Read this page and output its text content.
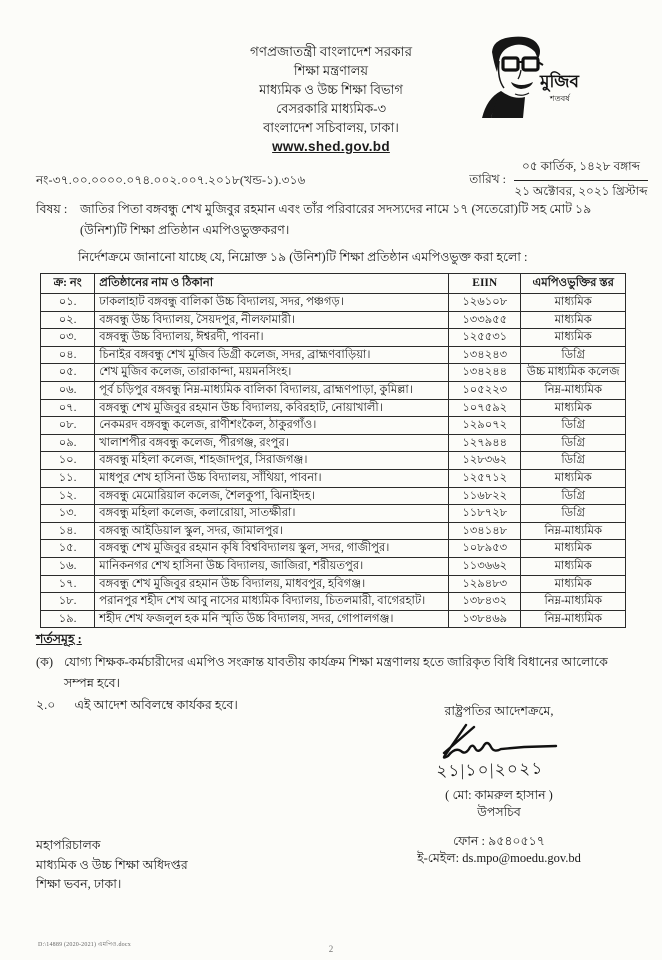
গণপ্রজাতন্ত্রী বাংলাদেশ সরকার
শিক্ষা মন্ত্রণালয়
মাধ্যমিক ও উচ্চ শিক্ষা বিভাগ
বেসরকারি মাধ্যমিক-৩
বাংলাদেশ সচিবালয়, ঢাকা।
www.shed.gov.bd
মুজিব
শতবর্ষ
নং-৩৭.০০.০০০০.০৭৪.০০২.০০৭.২০১৮(খন্ড-১).৩১৬	তারিখ :
০৫ কার্তিক, ১৪২৮ বঙ্গাব্দ
২১ অক্টোবর, ২০২১ খ্রিস্টাব্দ
বিষয় :	জাতির পিতা বঙ্গবন্ধু শেখ মুজিবুর রহমান এবং তাঁর পরিবারের সদস্যদের নামে ১৭ (সতেরো)টি সহ মোট ১৯ (উনিশ)টি শিক্ষা প্রতিষ্ঠান এমপিওভুক্তকরণ।
নির্দেশক্রমে জানানো যাচ্ছে যে, নিম্নোক্ত ১৯ (উনিশ)টি শিক্ষা প্রতিষ্ঠান এমপিওভুক্ত করা হলো :
ক্র: নং	প্রতিষ্ঠানের নাম ও ঠিকানা	EIIN	এমপিওভুক্তির স্তর
০১.	ঢাকলাহাট বঙ্গবন্ধু বালিকা উচ্চ বিদ্যালয়, সদর, পঞ্চগড়।	১২৬১০৮	মাধ্যমিক
০২.	বঙ্গবন্ধু উচ্চ বিদ্যালয়, সৈয়দপুর, নীলফামারী।	১৩৩৯৫৫	মাধ্যমিক
০৩.	বঙ্গবন্ধু উচ্চ বিদ্যালয়, ঈশ্বরদী, পাবনা।	১২৫৫৩১	মাধ্যমিক
০৪.	চিনাইর বঙ্গবন্ধু শেখ মুজিব ডিগ্রী কলেজ, সদর, ব্রাহ্মণবাড়িয়া।	১৩৪২৪৩	ডিগ্রি
০৫.	শেখ মুজিব কলেজ, তারাকান্দা, ময়মনসিংহ।	১৩৪২৪৪	উচ্চ মাধ্যমিক কলেজ
০৬.	পূর্ব চড়িপুর বঙ্গবন্ধু নিম্ন-মাধ্যমিক বালিকা বিদ্যালয়, ব্রাহ্মণপাড়া, কুমিল্লা।	১০৫২২৩	নিম্ন-মাধ্যমিক
০৭.	বঙ্গবন্ধু শেখ মুজিবুর রহমান উচ্চ বিদ্যালয়, কবিরহাট, নোয়াখালী।	১০৭৫৯২	মাধ্যমিক
০৮.	নেকমরদ বঙ্গবন্ধু কলেজ, রাণীশংকৈল, ঠাকুরগাঁও।	১২৯০৭২	ডিগ্রি
০৯.	খালাশপীর বঙ্গবন্ধু কলেজ, পীরগঞ্জ, রংপুর।	১২৭৯৪৪	ডিগ্রি
১০.	বঙ্গবন্ধু মহিলা কলেজ, শাহজাদপুর, সিরাজগঞ্জ।	১২৮৩৬২	ডিগ্রি
১১.	মাধপুর শেখ হাসিনা উচ্চ বিদ্যালয়, সাঁথিয়া, পাবনা।	১২৫৭১২	মাধ্যমিক
১২.	বঙ্গবন্ধু মেমোরিয়াল কলেজ, শৈলকুপা, ঝিনাইদহ।	১১৬৮২২	ডিগ্রি
১৩.	বঙ্গবন্ধু মহিলা কলেজ, কলারোয়া, সাতক্ষীরা।	১১৮৭২৮	ডিগ্রি
১৪.	বঙ্গবন্ধু আইডিয়াল স্কুল, সদর, জামালপুর।	১৩৪১৪৮	নিম্ন-মাধ্যমিক
১৫.	বঙ্গবন্ধু শেখ মুজিবুর রহমান কৃষি বিশ্ববিদ্যালয় স্কুল, সদর, গাজীপুর।	১০৮৯৫৩	মাধ্যমিক
১৬.	মানিকনগর শেখ হাসিনা উচ্চ বিদ্যালয়, জাজিরা, শরীয়তপুর।	১১৩৬৬২	মাধ্যমিক
১৭.	বঙ্গবন্ধু শেখ মুজিবুর রহমান উচ্চ বিদ্যালয়, মাধবপুর, হবিগঞ্জ।	১২৯৪৮৩	মাধ্যমিক
১৮.	পরানপুর শহীদ শেখ আবু নাসের মাধ্যমিক বিদ্যালয়, চিতলমারী, বাগেরহাট।	১৩৮৪৩২	নিম্ন-মাধ্যমিক
১৯.	শহীদ শেখ ফজলুল হক মনি স্মৃতি উচ্চ বিদ্যালয়, সদর, গোপালগঞ্জ।	১৩৮৪৬৯	নিম্ন-মাধ্যমিক
শর্তসমূহ :
(ক) যোগ্য শিক্ষক-কর্মচারীদের এমপিও সংক্রান্ত যাবতীয় কার্যক্রম শিক্ষা মন্ত্রণালয় হতে জারিকৃত বিধি বিধানের আলোকে সম্পন্ন হবে।
২.০ এই আদেশ অবিলম্বে কার্যকর হবে।	রাষ্ট্রপতির আদেশক্রমে,
২১|১০|২০২১
( মো: কামরুল হাসান )
উপসচিব
ফোন : ৯৫৪০৫১৭
ই-মেইল: ds.mpo@moedu.gov.bd
মহাপরিচালক
মাধ্যমিক ও উচ্চ শিক্ষা অধিদপ্তর
শিক্ষা ভবন, ঢাকা।
D:\14889 (2020-2021) এমপিও.docx	2
